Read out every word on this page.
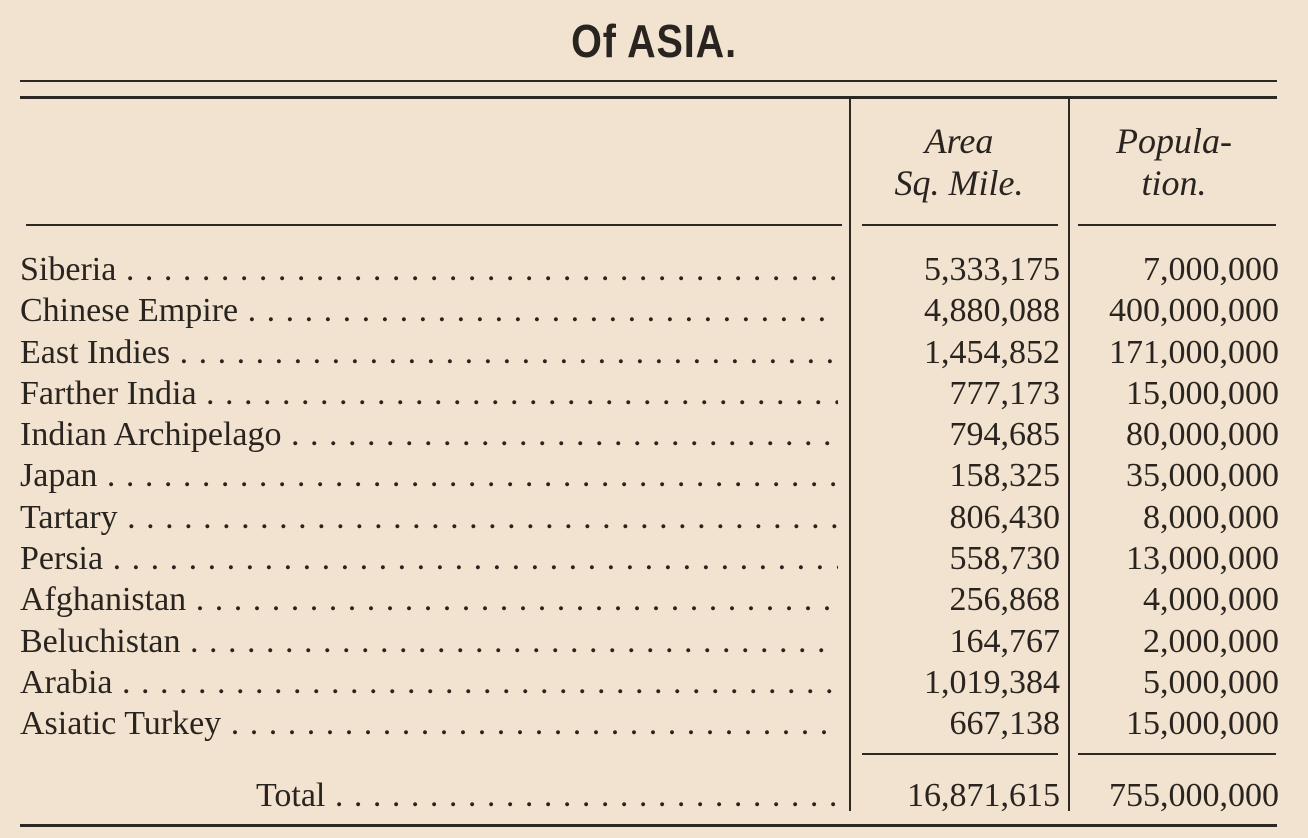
Of ASIA.
Area
Sq. Mile.
Popula-
tion.
Siberia . . .	5,333,175	7,000,000
Chinese Empire . . .	4,880,088	400,000,000
East Indies . . .	1,454,852	171,000,000
Farther India . . .	777,173	15,000,000
Indian Archipelago . . .	794,685	80,000,000
Japan . . .	158,325	35,000,000
Tartary . . .	806,430	8,000,000
Persia . . .	558,730	13,000,000
Afghanistan . . .	256,868	4,000,000
Beluchistan . . .	164,767	2,000,000
Arabia . . .	1,019,384	5,000,000
Asiatic Turkey . . .	667,138	15,000,000
Total . . .	16,871,615	755,000,000
